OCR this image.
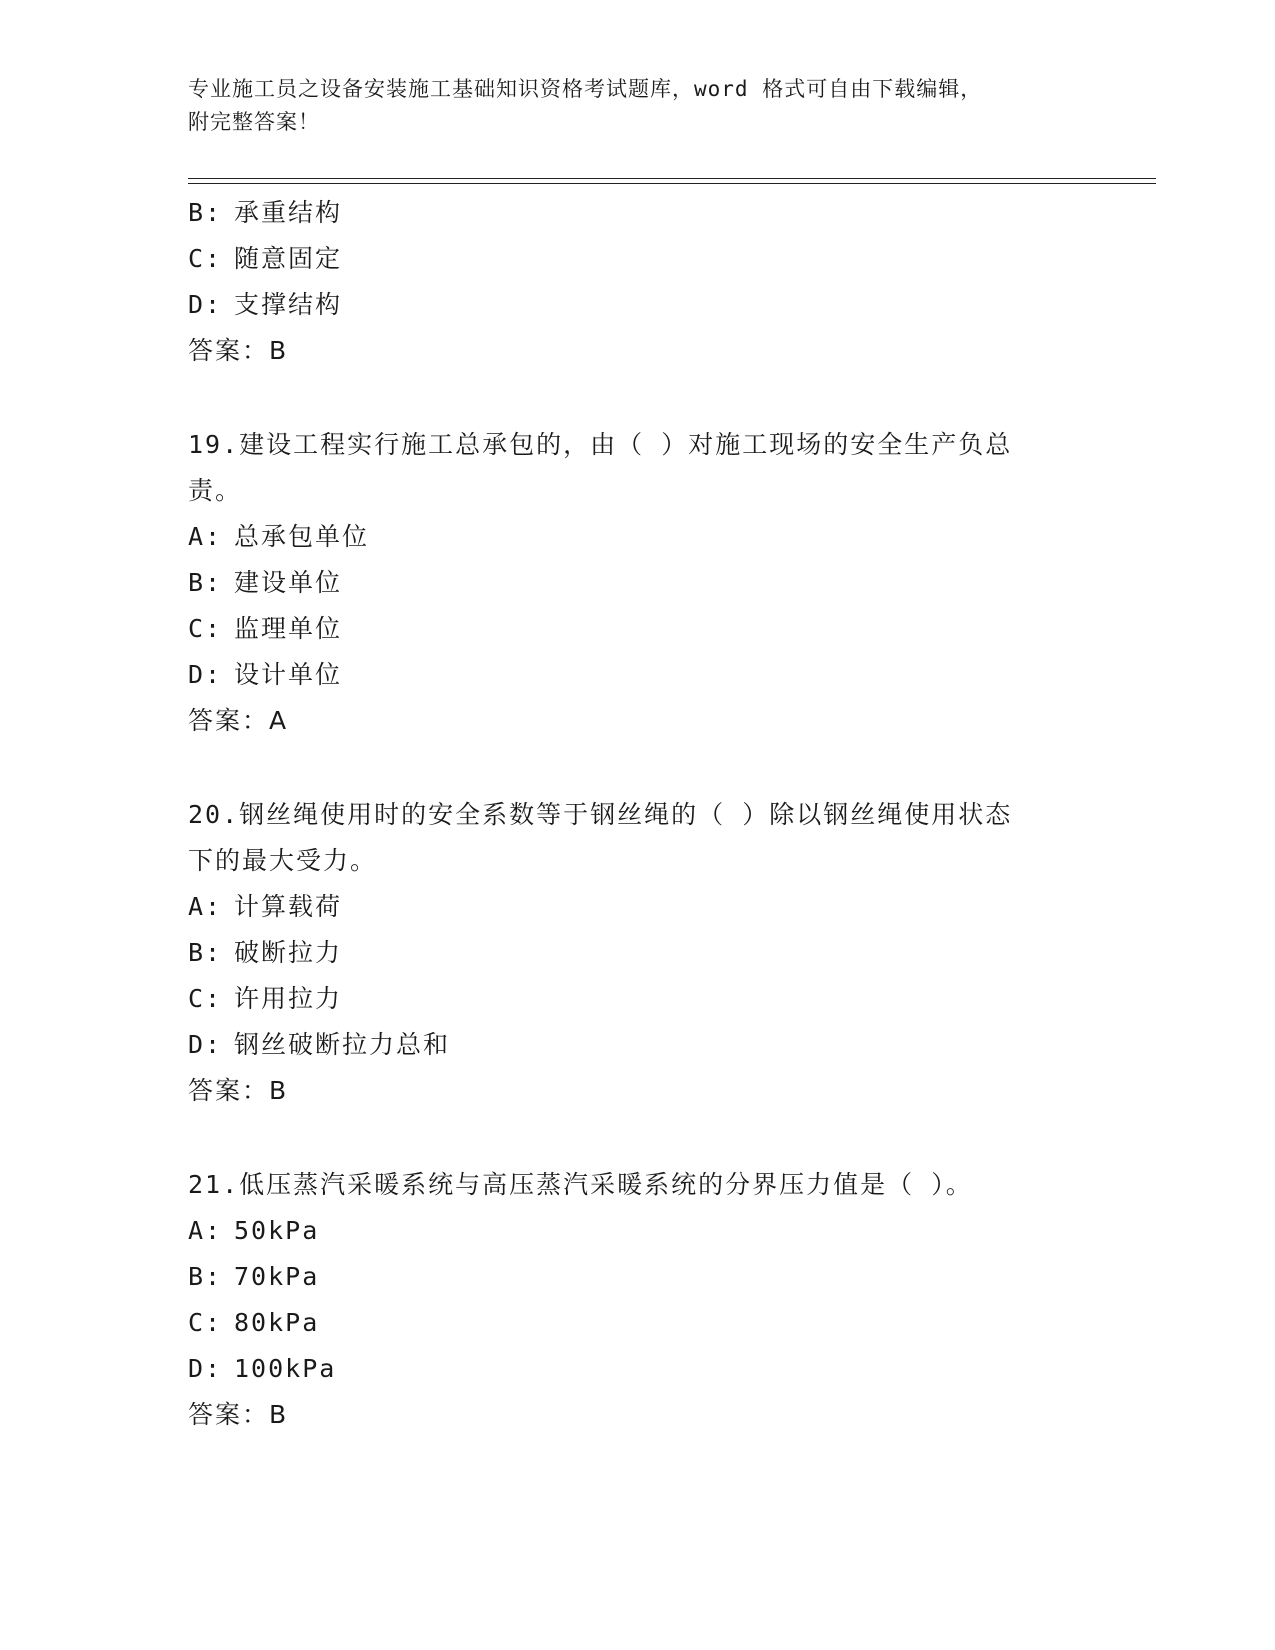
专业施工员之设备安装施工基础知识资格考试题库，word 格式可自由下载编辑，
附完整答案！
B: 承重结构
C: 随意固定
D: 支撑结构
答案：B
19.建设工程实行施工总承包的，由（ ）对施工现场的安全生产负总
责。
A: 总承包单位
B: 建设单位
C: 监理单位
D: 设计单位
答案：A
20.钢丝绳使用时的安全系数等于钢丝绳的（ ）除以钢丝绳使用状态
下的最大受力。
A: 计算载荷
B: 破断拉力
C: 许用拉力
D: 钢丝破断拉力总和
答案：B
21.低压蒸汽采暖系统与高压蒸汽采暖系统的分界压力值是（ ）。
A: 50kPa
B: 70kPa
C: 80kPa
D: 100kPa
答案：B
